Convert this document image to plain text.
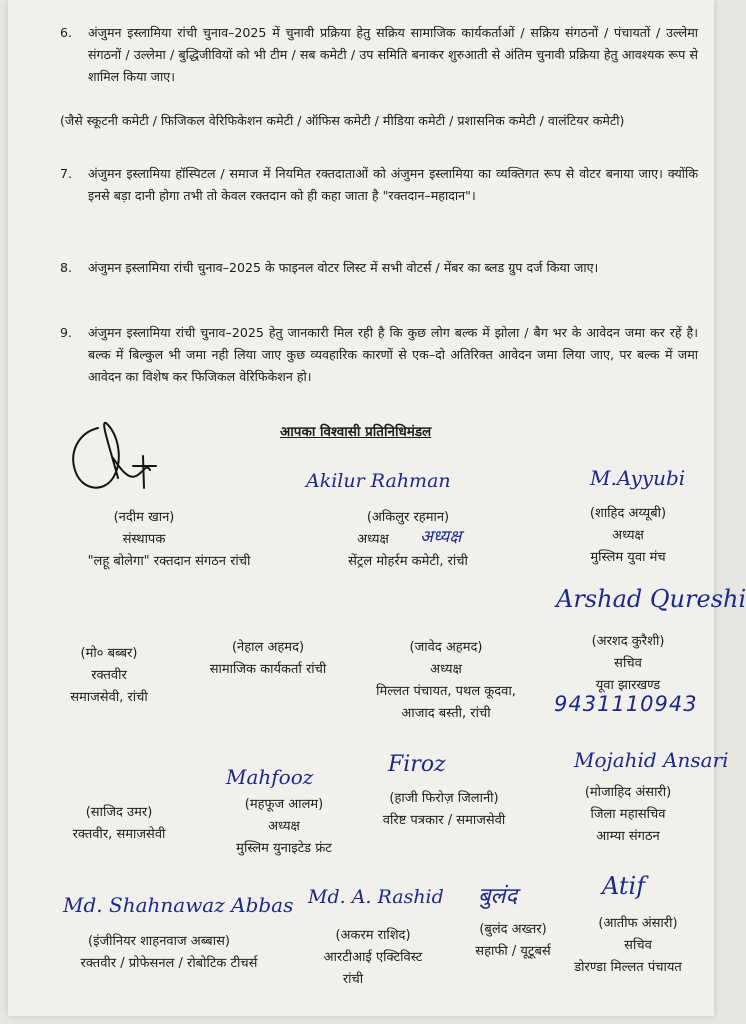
6. अंजुमन इस्लामिया रांची चुनाव–2025 में चुनावी प्रक्रिया हेतु सक्रिय सामाजिक कार्यकर्ताओं / सक्रिय संगठनों / पंचायतों / उल्लेमा संगठनों / उल्लेमा / बुद्धिजीवियों को भी टीम / सब कमेटी / उप समिति बनाकर शुरुआती से अंतिम चुनावी प्रक्रिया हेतु आवश्यक रूप से शामिल किया जाए।
(जैसे स्कूटनी कमेटी / फिजिकल वेरिफिकेशन कमेटी / ऑफिस कमेटी / मीडिया कमेटी / प्रशासनिक कमेटी / वालंटियर कमेटी)
7. अंजुमन इस्लामिया हॉस्पिटल / समाज में नियमित रक्तदाताओं को अंजुमन इस्लामिया का व्यक्तिगत रूप से वोटर बनाया जाए। क्योंकि इनसे बड़ा दानी होगा तभी तो केवल रक्तदान को ही कहा जाता है "रक्तदान–महादान"।
8. अंजुमन इस्लामिया रांची चुनाव–2025 के फाइनल वोटर लिस्ट में सभी वोटर्स / मेंबर का ब्लड ग्रुप दर्ज किया जाए।
9. अंजुमन इस्लामिया रांची चुनाव–2025 हेतु जानकारी मिल रही है कि कुछ लोग बल्क में झोला / बैग भर के आवेदन जमा कर रहें है। बल्क में बिल्कुल भी जमा नही लिया जाए कुछ व्यवहारिक कारणों से एक–दो अतिरिक्त आवेदन जमा लिया जाए, पर बल्क में जमा आवेदन का विशेष कर फिजिकल वेरिफिकेशन हो।
आपका विश्वासी प्रतिनिधिमंडल
Akilur Rahman
अध्यक्ष
M.Ayyubi
Arshad Qureshi
9431110943
Mahfooz	Firoz	Mojahid Ansari
Md. Shahnawaz Abbas Md. A. Rashid बुलंद	Atif
(नदीम खान)
संस्थापक
"लहू बोलेगा" रक्तदान संगठन रांची
(अकिलुर रहमान)
अध्यक्ष
सेंट्रल मोहर्रम कमेटी, रांची
(शाहिद अय्यूबी)
अध्यक्ष
मुस्लिम युवा मंच
(मो० बब्बर)
रक्तवीर
समाजसेवी, रांची
(नेहाल अहमद)
सामाजिक कार्यकर्ता रांची
(जावेद अहमद)
अध्यक्ष
मिल्लत पंचायत, पथल कूदवा,
आजाद बस्ती, रांची
(अरशद कुरैशी)
सचिव
यूवा झारखण्ड
(साजिद उमर)
रक्तवीर, समाजसेवी
(महफूज आलम)
अध्यक्ष
मुस्लिम युनाइटेड फ्रंट
(हाजी फिरोज़ जिलानी)
वरिष्ट पत्रकार / समाजसेवी
(मोजाहिद अंसारी)
जिला महासचिव
आम्या संगठन
(इंजीनियर शाहनवाज अब्बास)
रक्तवीर / प्रोफेसनल / रोबोटिक टीचर्स
(अकरम राशिद)
आरटीआई एक्टिविस्ट
रांची
(बुलंद अख्तर)
सहाफी / यूटूबर्स
(आतीफ अंसारी)
सचिव
डोरण्डा मिल्लत पंचायत
